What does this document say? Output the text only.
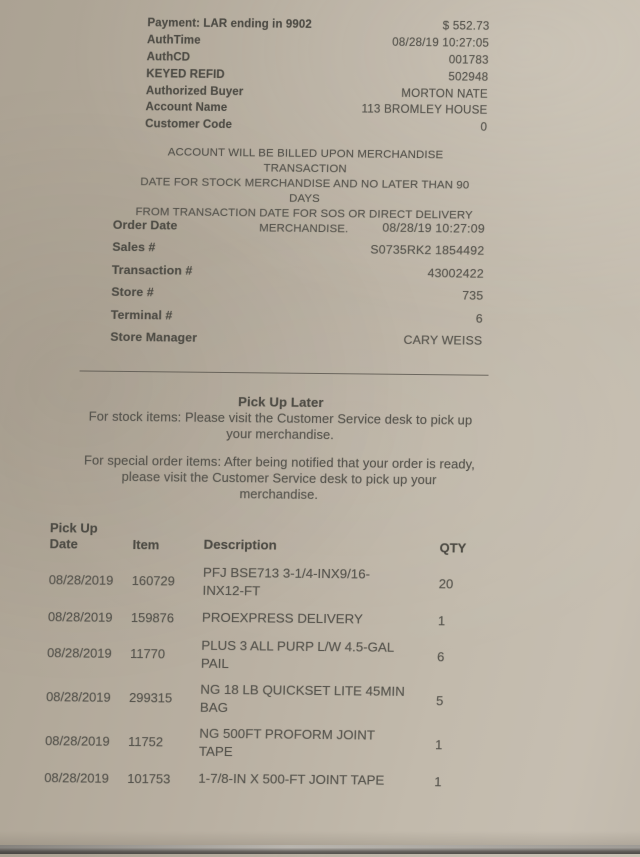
Payment: LAR ending in 9902	$ 552.73
AuthTime	08/28/19 10:27:05
AuthCD	001783
KEYED REFID	502948
Authorized Buyer	MORTON NATE
Account Name	113 BROMLEY HOUSE
Customer Code	0
ACCOUNT WILL BE BILLED UPON MERCHANDISE TRANSACTION
DATE FOR STOCK MERCHANDISE AND NO LATER THAN 90 DAYS
FROM TRANSACTION DATE FOR SOS OR DIRECT DELIVERY
MERCHANDISE.
Order Date	08/28/19 10:27:09
Sales #	S0735RK2 1854492
Transaction #	43002422
Store #	735
Terminal #	6
Store Manager	CARY WEISS
Pick Up Later
For stock items: Please visit the Customer Service desk to pick up
your merchandise.
For special order items: After being notified that your order is ready,
please visit the Customer Service desk to pick up your
merchandise.
Pick Up Date	Item	Description	QTY
08/28/2019	160729	PFJ BSE713 3-1/4-INX9/16-
INX12-FT	20
08/28/2019	159876	PROEXPRESS DELIVERY	1
08/28/2019	11770	PLUS 3 ALL PURP L/W 4.5-GAL
PAIL	6
08/28/2019	299315	NG 18 LB QUICKSET LITE 45MIN
BAG	5
08/28/2019	11752	NG 500FT PROFORM JOINT
TAPE	1
08/28/2019	101753	1-7/8-IN X 500-FT JOINT TAPE	1
